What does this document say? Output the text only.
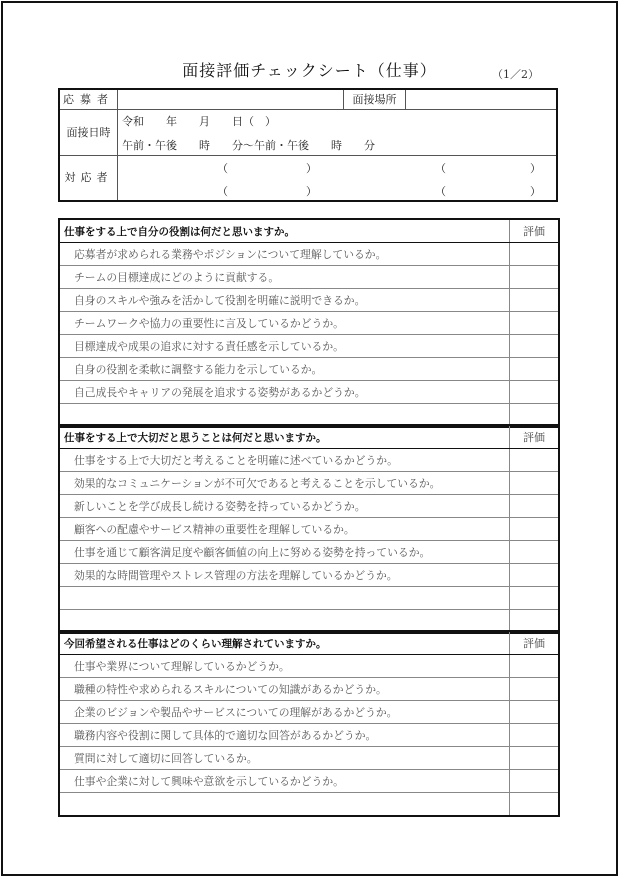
面接評価チェックシート（仕事）	（1／2）
応募者	面接場所
面接日時
令和　　年　　月　　日（　）
午前・午後　　時　　分～午前・午後　　時　　分
対応者
（	）	（	）
（	）	（	）
仕事をする上で自分の役割は何だと思いますか。	評価
応募者が求められる業務やポジションについて理解しているか。	
チームの目標達成にどのように貢献する。	
自身のスキルや強みを活かして役割を明確に説明できるか。	
チームワークや協力の重要性に言及しているかどうか。	
目標達成や成果の追求に対する責任感を示しているか。	
自身の役割を柔軟に調整する能力を示しているか。	
自己成長やキャリアの発展を追求する姿勢があるかどうか。	

仕事をする上で大切だと思うことは何だと思いますか。	評価
仕事をする上で大切だと考えることを明確に述べているかどうか。	
効果的なコミュニケーションが不可欠であると考えることを示しているか。	
新しいことを学び成長し続ける姿勢を持っているかどうか。	
顧客への配慮やサービス精神の重要性を理解しているか。	
仕事を通じて顧客満足度や顧客価値の向上に努める姿勢を持っているか。	
効果的な時間管理やストレス管理の方法を理解しているかどうか。	

今回希望される仕事はどのくらい理解されていますか。	評価
仕事や業界について理解しているかどうか。	
職種の特性や求められるスキルについての知識があるかどうか。	
企業のビジョンや製品やサービスについての理解があるかどうか。	
職務内容や役割に関して具体的で適切な回答があるかどうか。	
質問に対して適切に回答しているか。	
仕事や企業に対して興味や意欲を示しているかどうか。	
